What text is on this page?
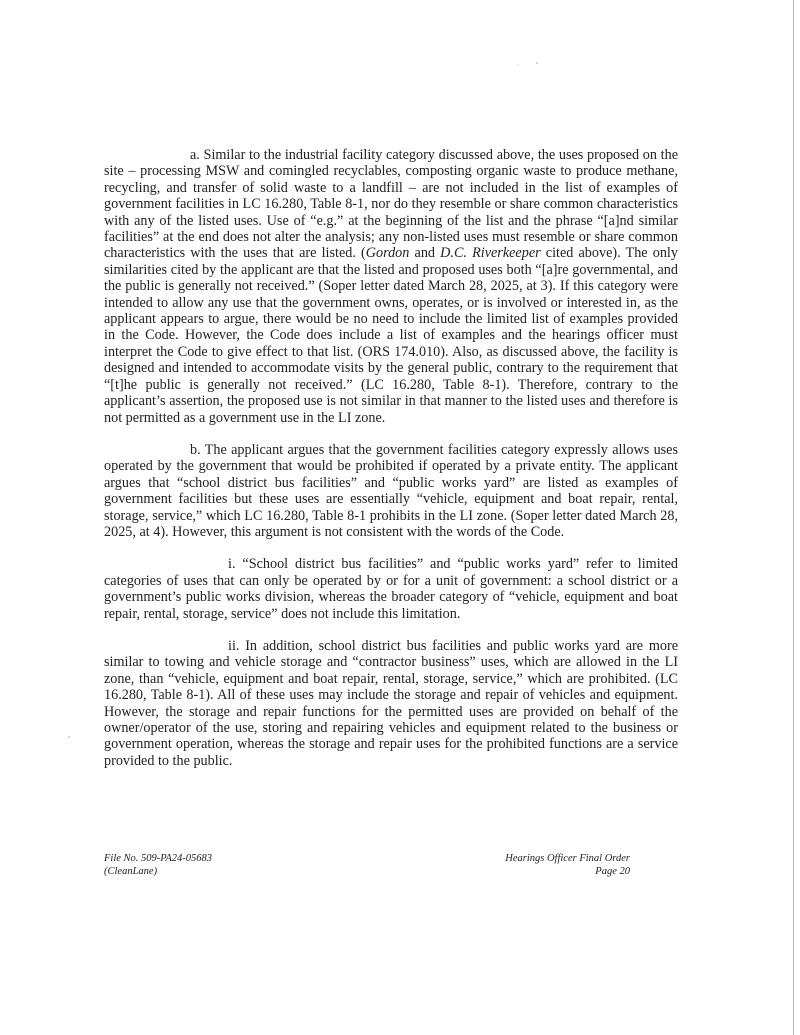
a. Similar to the industrial facility category discussed above, the uses proposed on the site – processing MSW and comingled recyclables, composting organic waste to produce methane, recycling, and transfer of solid waste to a landfill – are not included in the list of examples of government facilities in LC 16.280, Table 8-1, nor do they resemble or share common characteristics with any of the listed uses. Use of “e.g.” at the beginning of the list and the phrase “[a]nd similar facilities” at the end does not alter the analysis; any non-listed uses must resemble or share common characteristics with the uses that are listed. (Gordon and D.C. Riverkeeper cited above). The only similarities cited by the applicant are that the listed and proposed uses both “[a]re governmental, and the public is generally not received.” (Soper letter dated March 28, 2025, at 3). If this category were intended to allow any use that the government owns, operates, or is involved or interested in, as the applicant appears to argue, there would be no need to include the limited list of examples provided in the Code. However, the Code does include a list of examples and the hearings officer must interpret the Code to give effect to that list. (ORS 174.010). Also, as discussed above, the facility is designed and intended to accommodate visits by the general public, contrary to the requirement that “[t]he public is generally not received.” (LC 16.280, Table 8-1). Therefore, contrary to the applicant’s assertion, the proposed use is not similar in that manner to the listed uses and therefore is not permitted as a government use in the LI zone.

b. The applicant argues that the government facilities category expressly allows uses operated by the government that would be prohibited if operated by a private entity. The applicant argues that “school district bus facilities” and “public works yard” are listed as examples of government facilities but these uses are essentially “vehicle, equipment and boat repair, rental, storage, service,” which LC 16.280, Table 8-1 prohibits in the LI zone. (Soper letter dated March 28, 2025, at 4). However, this argument is not consistent with the words of the Code.

i. “School district bus facilities” and “public works yard” refer to limited categories of uses that can only be operated by or for a unit of government: a school district or a government’s public works division, whereas the broader category of “vehicle, equipment and boat repair, rental, storage, service” does not include this limitation.

ii. In addition, school district bus facilities and public works yard are more similar to towing and vehicle storage and “contractor business” uses, which are allowed in the LI zone, than “vehicle, equipment and boat repair, rental, storage, service,” which are prohibited. (LC 16.280, Table 8-1). All of these uses may include the storage and repair of vehicles and equipment. However, the storage and repair functions for the permitted uses are provided on behalf of the owner/operator of the use, storing and repairing vehicles and equipment related to the business or government operation, whereas the storage and repair uses for the prohibited functions are a service provided to the public.

File No. 509-PA24-05683
(CleanLane)
Hearings Officer Final Order
Page 20
